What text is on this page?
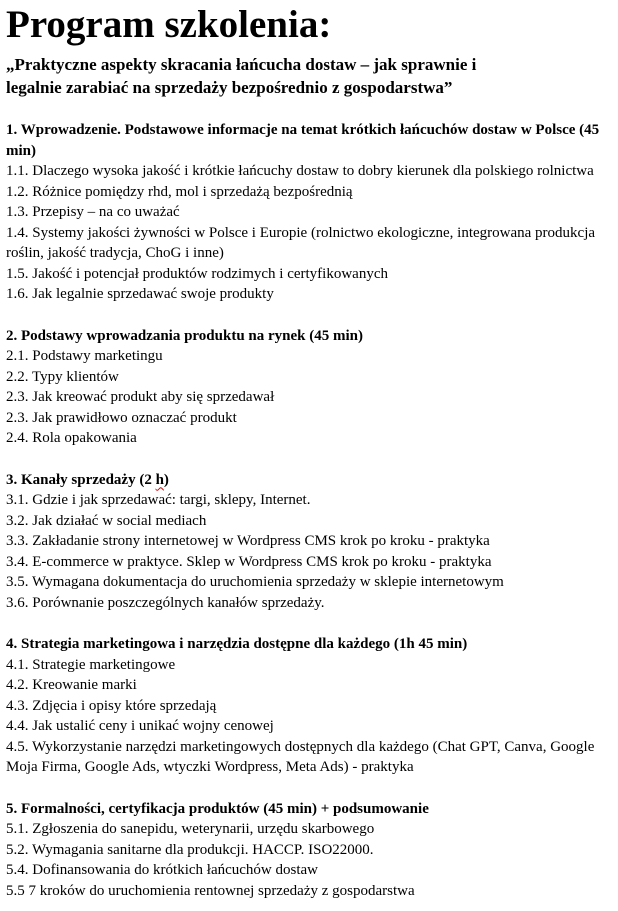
Program szkolenia:
„Praktyczne aspekty skracania łańcucha dostaw – jak sprawnie i
legalnie zarabiać na sprzedaży bezpośrednio z gospodarstwa”

1. Wprowadzenie. Podstawowe informacje na temat krótkich łańcuchów dostaw w Polsce (45 min)

1.1. Dlaczego wysoka jakość i krótkie łańcuchy dostaw to dobry kierunek dla polskiego rolnictwa

1.2. Różnice pomiędzy rhd, mol i sprzedażą bezpośrednią

1.3. Przepisy – na co uważać

1.4. Systemy jakości żywności w Polsce i Europie (rolnictwo ekologiczne, integrowana produkcja roślin, jakość tradycja, ChoG i inne)

1.5. Jakość i potencjał produktów rodzimych i certyfikowanych

1.6. Jak legalnie sprzedawać swoje produkty

2. Podstawy wprowadzania produktu na rynek (45 min)

2.1. Podstawy marketingu

2.2. Typy klientów

2.3. Jak kreować produkt aby się sprzedawał

2.3. Jak prawidłowo oznaczać produkt

2.4. Rola opakowania

3. Kanały sprzedaży (2 h)

3.1. Gdzie i jak sprzedawać: targi, sklepy, Internet.

3.2. Jak działać w social mediach

3.3. Zakładanie strony internetowej w Wordpress CMS krok po kroku - praktyka

3.4. E-commerce w praktyce. Sklep w Wordpress CMS krok po kroku - praktyka

3.5. Wymagana dokumentacja do uruchomienia sprzedaży w sklepie internetowym

3.6. Porównanie poszczególnych kanałów sprzedaży.

4. Strategia marketingowa i narzędzia dostępne dla każdego (1h 45 min)

4.1. Strategie marketingowe

4.2. Kreowanie marki

4.3. Zdjęcia i opisy które sprzedają

4.4. Jak ustalić ceny i unikać wojny cenowej

4.5. Wykorzystanie narzędzi marketingowych dostępnych dla każdego (Chat GPT, Canva, Google Moja Firma, Google Ads, wtyczki Wordpress, Meta Ads) - praktyka

5. Formalności, certyfikacja produktów (45 min) + podsumowanie

5.1. Zgłoszenia do sanepidu, weterynarii, urzędu skarbowego

5.2. Wymagania sanitarne dla produkcji. HACCP. ISO22000.

5.4. Dofinansowania do krótkich łańcuchów dostaw

5.5 7 kroków do uruchomienia rentownej sprzedaży z gospodarstwa
